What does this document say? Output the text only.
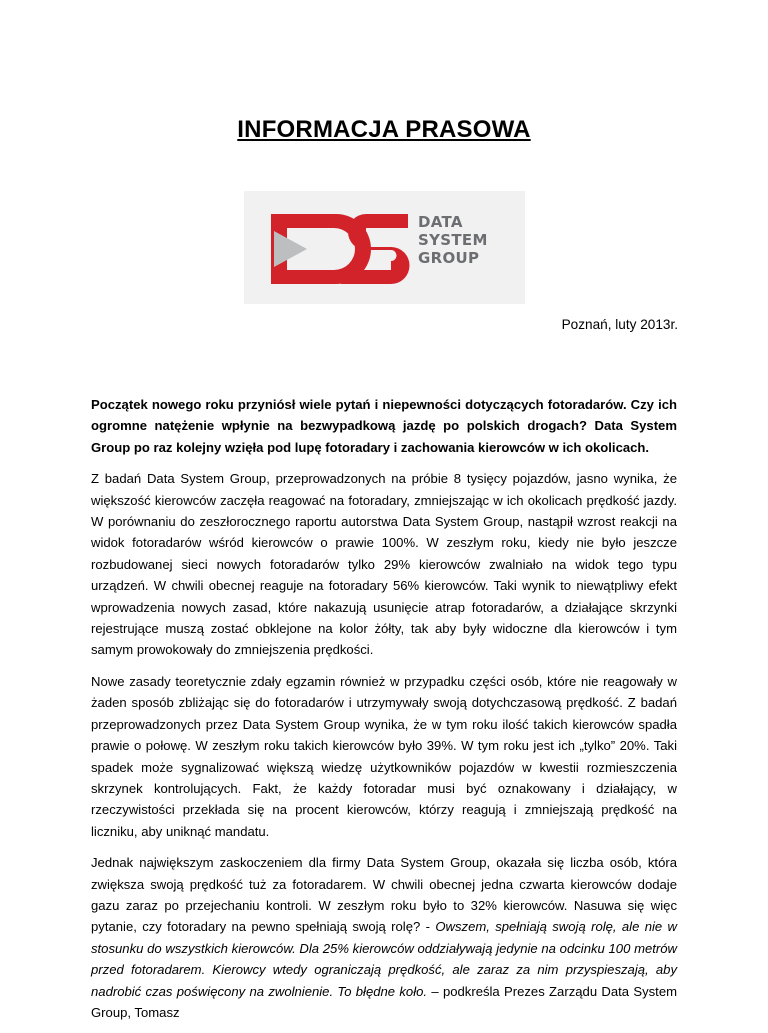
INFORMACJA PRASOWA
DATA
SYSTEM
GROUP

Poznań, luty 2013r.

Początek nowego roku przyniósł wiele pytań i niepewności dotyczących fotoradarów. Czy ich ogromne natężenie wpłynie na bezwypadkową jazdę po polskich drogach? Data System Group po raz kolejny wzięła pod lupę fotoradary i zachowania kierowców w ich okolicach.

Z badań Data System Group, przeprowadzonych na próbie 8 tysięcy pojazdów, jasno wynika, że większość kierowców zaczęła reagować na fotoradary, zmniejszając w ich okolicach prędkość jazdy. W porównaniu do zeszłorocznego raportu autorstwa Data System Group, nastąpił wzrost reakcji na widok fotoradarów wśród kierowców o prawie 100%. W zeszłym roku, kiedy nie było jeszcze rozbudowanej sieci nowych fotoradarów tylko 29% kierowców zwalniało na widok tego typu urządzeń. W chwili obecnej reaguje na fotoradary 56% kierowców. Taki wynik to niewątpliwy efekt wprowadzenia nowych zasad, które nakazują usunięcie atrap fotoradarów, a działające skrzynki rejestrujące muszą zostać obklejone na kolor żółty, tak aby były widoczne dla kierowców i tym samym prowokowały do zmniejszenia prędkości.

Nowe zasady teoretycznie zdały egzamin również w przypadku części osób, które nie reagowały w żaden sposób zbliżając się do fotoradarów i utrzymywały swoją dotychczasową prędkość. Z badań przeprowadzonych przez Data System Group wynika, że w tym roku ilość takich kierowców spadła prawie o połowę. W zeszłym roku takich kierowców było 39%. W tym roku jest ich „tylko” 20%. Taki spadek może sygnalizować większą wiedzę użytkowników pojazdów w kwestii rozmieszczenia skrzynek kontrolujących. Fakt, że każdy fotoradar musi być oznakowany i działający, w rzeczywistości przekłada się na procent kierowców, którzy reagują i zmniejszają prędkość na liczniku, aby uniknąć mandatu.

Jednak największym zaskoczeniem dla firmy Data System Group, okazała się liczba osób, która zwiększa swoją prędkość tuż za fotoradarem. W chwili obecnej jedna czwarta kierowców dodaje gazu zaraz po przejechaniu kontroli. W zeszłym roku było to 32% kierowców. Nasuwa się więc pytanie, czy fotoradary na pewno spełniają swoją rolę? - Owszem, spełniają swoją rolę, ale nie w stosunku do wszystkich kierowców. Dla 25% kierowców oddziaływają jedynie na odcinku 100 metrów przed fotoradarem. Kierowcy wtedy ograniczają prędkość, ale zaraz za nim przyspieszają, aby nadrobić czas poświęcony na zwolnienie. To błędne koło. – podkreśla Prezes Zarządu Data System Group, Tomasz
